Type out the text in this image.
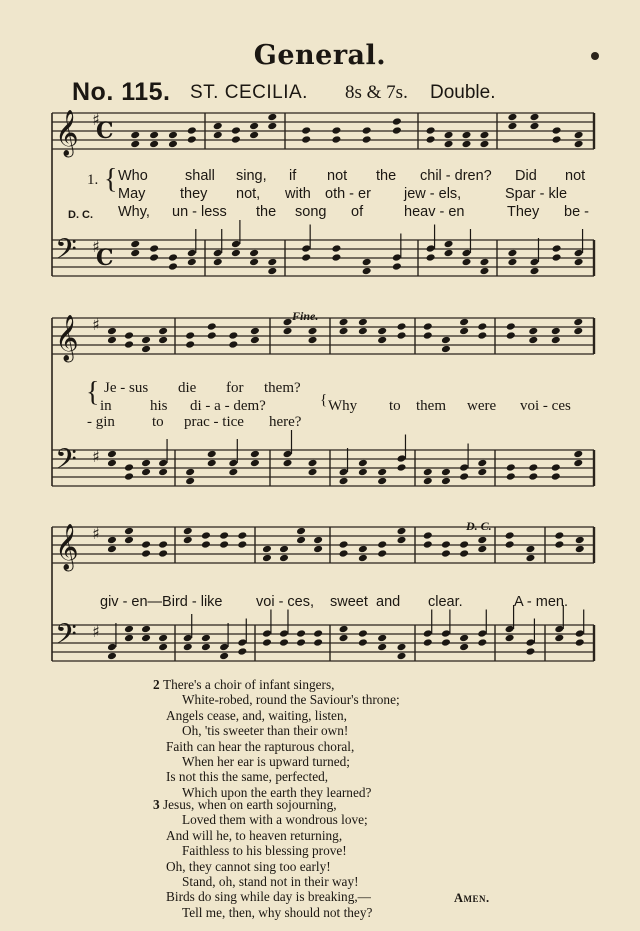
General.
No. 115. ST. CECILIA. 8s & 7s. Double.
𝄞 ♯
𝄢 ♯
𝄞 ♯
𝄢 ♯
𝄞 ♯
𝄢 ♯
C
C
1. { Who	shall sing, if not the chil - dren? Did not
May they not, with oth - er jew - els,	Spar - kle
D. C. Why, un - less the song of	heav - en	They be -
Fine.
{	{
Je - sus die for them?
in	his di - a - dem?	Why to them were voi - ces
- gin to prac - tice here?
D. C.
giv - en—Bird - like voi - ces, sweet and clear.	A - men.
2 There's a choir of infant singers,
White-robed, round the Saviour's throne;
Angels cease, and, waiting, listen,
Oh, 'tis sweeter than their own!
Faith can hear the rapturous choral,
When her ear is upward turned;
Is not this the same, perfected,
Which upon the earth they learned?
3 Jesus, when on earth sojourning,
Loved them with a wondrous love;
And will he, to heaven returning,
Faithless to his blessing prove!
Oh, they cannot sing too early!
Stand, oh, stand not in their way!
Birds do sing while day is breaking,—
Tell me, then, why should not they?
Amen.
